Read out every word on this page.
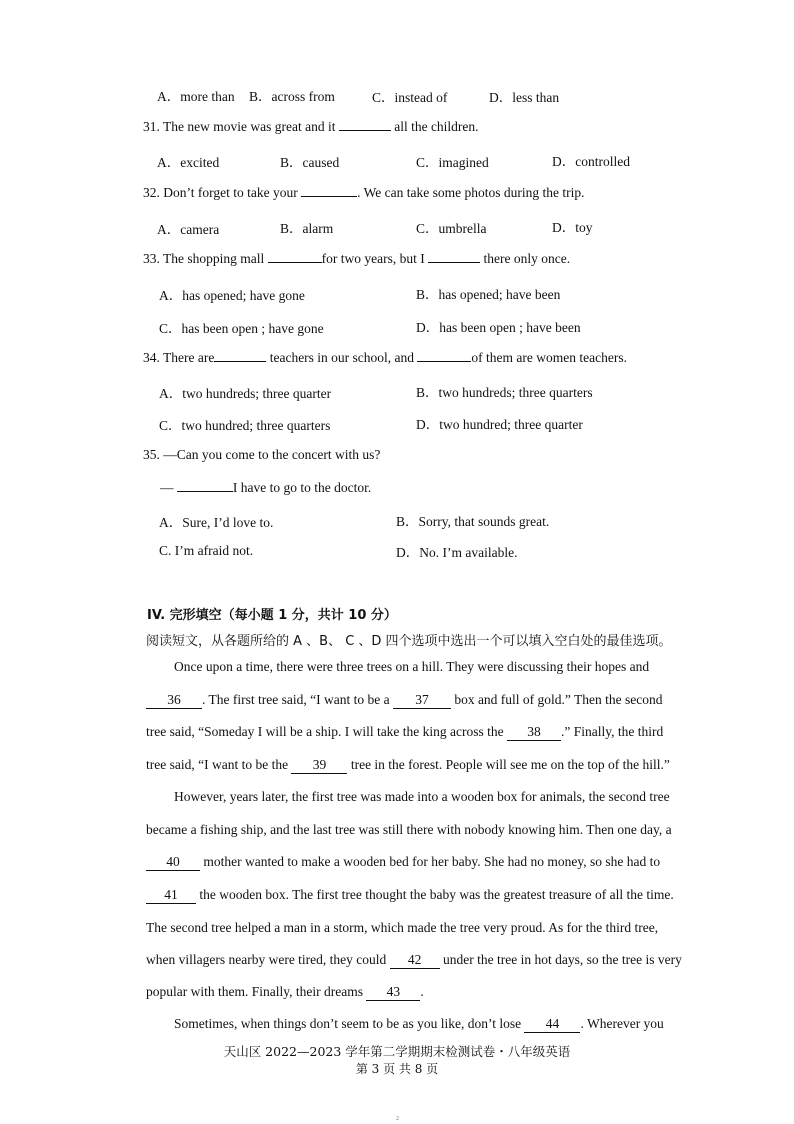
A．more than B．across from	C．instead of	D．less than
31. The new movie was great and it	all the children.
A．excited	B．caused	C．imagined	D．controlled
32. Don’t forget to take your	. We can take some photos during the trip.
A．camera	B．alarm	C．umbrella	D．toy
33. The shopping mall	for two years, but I	there only once.
A．has opened; have gone	B．has opened; have been
C．has been open ; have gone	D．has been open ; have been
34. There are	teachers in our school, and	of them are women teachers.
A．two hundreds; three quarter	B．two hundreds; three quarters
C．two hundred; three quarters	D．two hundred; three quarter
35. —Can you come to the concert with us?
—	I have to go to the doctor.
A．Sure, I’d love to.	B．Sorry, that sounds great.
C. I’m afraid not.	D．No. I’m available.
IV. 完形填空（每小题 1 分，共计 10 分）
阅读短文，从各题所给的 A 、B、 C 、D 四个选项中选出一个可以填入空白处的最佳选项。
Once upon a time, there were three trees on a hill. They were discussing their hopes and
36 . The first tree said, “I want to be a 37 box and full of gold.” Then the second
tree said, “Someday I will be a ship. I will take the king across the 38 .” Finally, the third
tree said, “I want to be the 39 tree in the forest. People will see me on the top of the hill.”
However, years later, the first tree was made into a wooden box for animals, the second tree
became a fishing ship, and the last tree was still there with nobody knowing him. Then one day, a
40 mother wanted to make a wooden bed for her baby. She had no money, so she had to
41 the wooden box. The first tree thought the baby was the greatest treasure of all the time.
The second tree helped a man in a storm, which made the tree very proud. As for the third tree,
when villagers nearby were tired, they could 42 under the tree in hot days, so the tree is very
popular with them. Finally, their dreams 43 .
Sometimes, when things don’t seem to be as you like, don’t lose 44 . Wherever you
天山区 2022—2023 学年第二学期期末检测试卷・八年级英语
第 3 页 共 8 页
2
